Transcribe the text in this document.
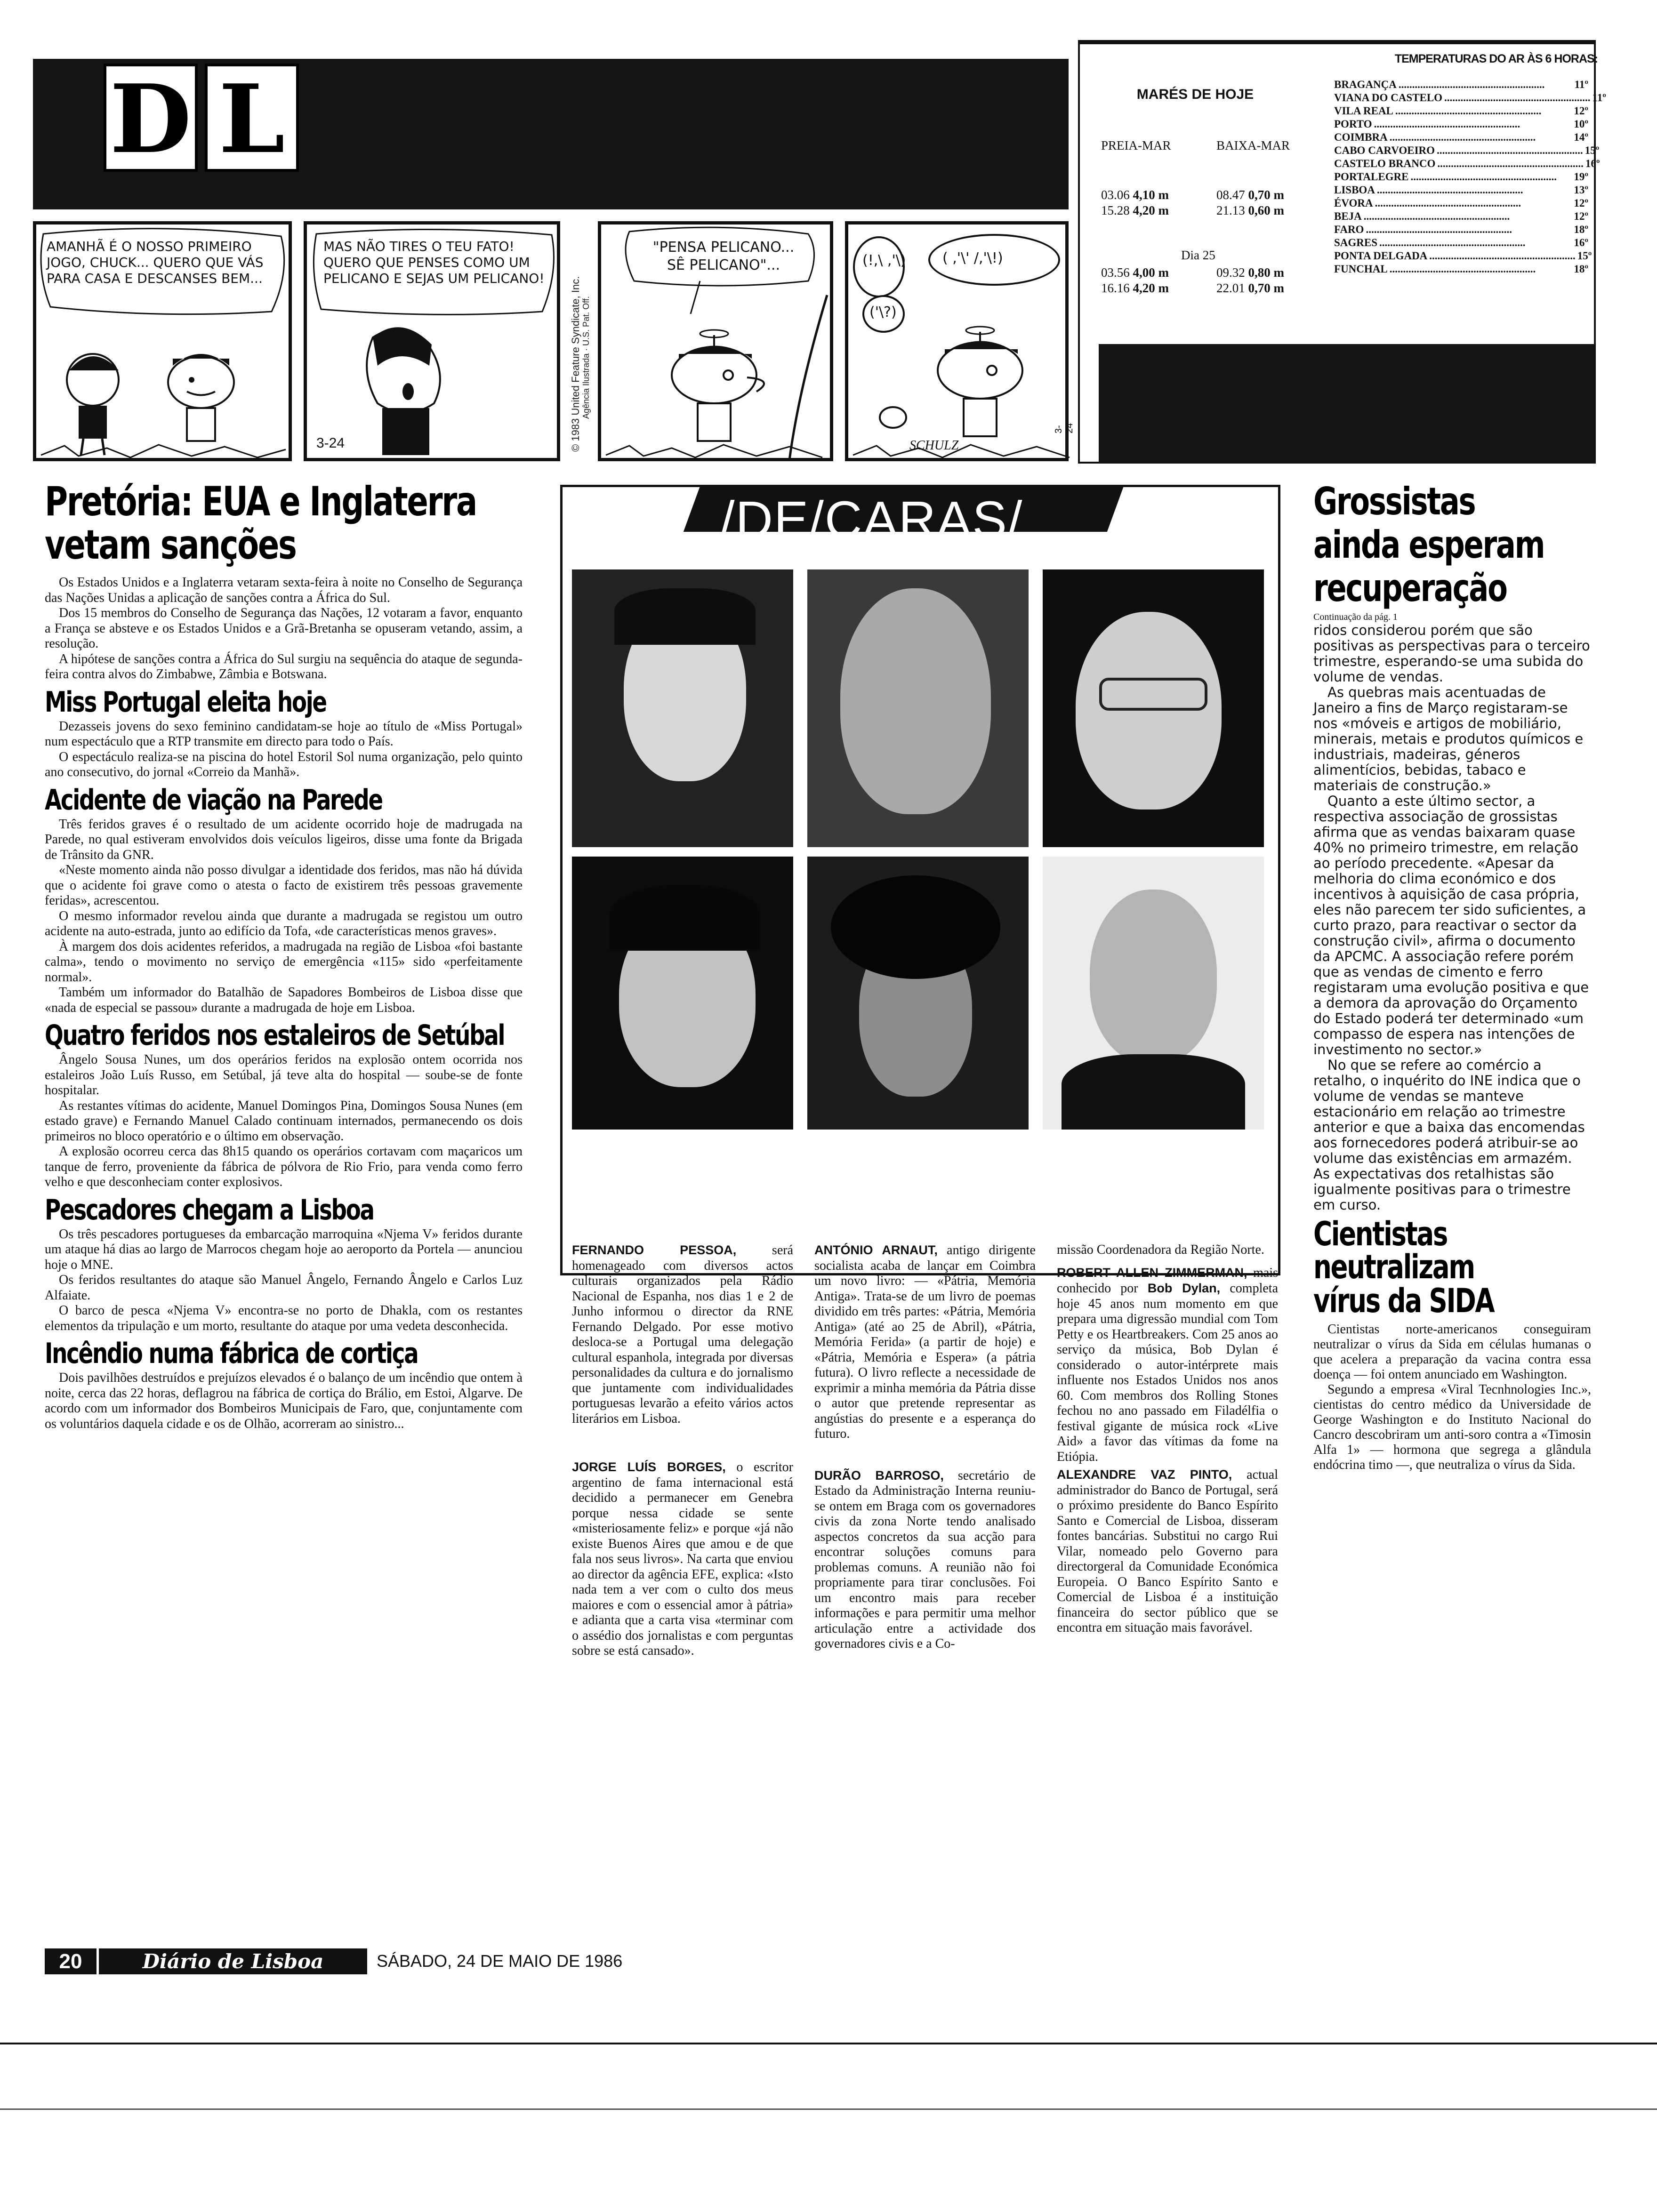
D L
AMANHÃ É O NOSSO PRIMEIRO JOGO, CHUCK... QUERO QUE VÁS PARA CASA E DESCANSES BEM...
MAS NÃO TIRES O TEU FATO! QUERO QUE PENSES COMO UM PELICANO E SEJAS UM PELICANO!
3-24	© 1983 United Feature Syndicate, Inc. Agência Ilustrada · U.S. Pat. Off.
"PENSA PELICANO... SÊ PELICANO"...	(!,\ ,'\)
('\?)
( ,'\' /,'\!)
SCHULZ
3-24
TEMPERATURAS DO AR ÀS 6 HORAS:
MARÉS DE HOJE
PREIA-MAR	BAIXA-MAR
03.06 4,10 m	08.47 0,70 m
15.28 4,20 m	21.13 0,60 m
Dia 25
03.56 4,00 m	09.32 0,80 m
16.16 4,20 m	22.01 0,70 m
BRAGANÇA ......................................................	11º
VIANA DO CASTELO ...................................................... 11º
VILA REAL ......................................................	12º
PORTO ......................................................	10º
COIMBRA ......................................................	14º
CABO CARVOEIRO ...................................................... 15º
CASTELO BRANCO ...................................................... 16º
PORTALEGRE ......................................................	19º
LISBOA ......................................................	13º
ÉVORA ......................................................	12º
BEJA ......................................................	12º
FARO ......................................................	18º
SAGRES ......................................................	16º
PONTA DELGADA ...................................................... 15º
FUNCHAL ......................................................	18º
Pretória: EUA e Inglaterra
vetam sanções

Os Estados Unidos e a Inglaterra vetaram sexta-feira à noite no Conselho de Segurança das Nações Unidas a aplicação de sanções contra a África do Sul.

Dos 15 membros do Conselho de Segurança das Nações, 12 votaram a favor, enquanto a França se absteve e os Estados Unidos e a Grã-Bretanha se opuseram vetando, assim, a resolução.

A hipótese de sanções contra a África do Sul surgiu na sequência do ataque de segunda-feira contra alvos do Zimbabwe, Zâmbia e Botswana.

Miss Portugal eleita hoje

Dezasseis jovens do sexo feminino candidatam-se hoje ao título de «Miss Portugal» num espectáculo que a RTP transmite em directo para todo o País.

O espectáculo realiza-se na piscina do hotel Estoril Sol numa organização, pelo quinto ano consecutivo, do jornal «Correio da Manhã».

Acidente de viação na Parede

Três feridos graves é o resultado de um acidente ocorrido hoje de madrugada na Parede, no qual estiveram envolvidos dois veículos ligeiros, disse uma fonte da Brigada de Trânsito da GNR.

«Neste momento ainda não posso divulgar a identidade dos feridos, mas não há dúvida que o acidente foi grave como o atesta o facto de existirem três pessoas gravemente feridas», acrescentou.

O mesmo informador revelou ainda que durante a madrugada se registou um outro acidente na auto-estrada, junto ao edifício da Tofa, «de características menos graves».

À margem dos dois acidentes referidos, a madrugada na região de Lisboa «foi bastante calma», tendo o movimento no serviço de emergência «115» sido «perfeitamente normal».

Também um informador do Batalhão de Sapadores Bombeiros de Lisboa disse que «nada de especial se passou» durante a madrugada de hoje em Lisboa.

Quatro feridos nos estaleiros de Setúbal

Ângelo Sousa Nunes, um dos operários feridos na explosão ontem ocorrida nos estaleiros João Luís Russo, em Setúbal, já teve alta do hospital — soube-se de fonte hospitalar.

As restantes vítimas do acidente, Manuel Domingos Pina, Domingos Sousa Nunes (em estado grave) e Fernando Manuel Calado continuam internados, permanecendo os dois primeiros no bloco operatório e o último em observação.

A explosão ocorreu cerca das 8h15 quando os operários cortavam com maçaricos um tanque de ferro, proveniente da fábrica de pólvora de Rio Frio, para venda como ferro velho e que desconheciam conter explosivos.

Pescadores chegam a Lisboa

Os três pescadores portugueses da embarcação marroquina «Njema V» feridos durante um ataque há dias ao largo de Marrocos chegam hoje ao aeroporto da Portela — anunciou hoje o MNE.

Os feridos resultantes do ataque são Manuel Ângelo, Fernando Ângelo e Carlos Luz Alfaiate.

O barco de pesca «Njema V» encontra-se no porto de Dhakla, com os restantes elementos da tripulação e um morto, resultante do ataque por uma vedeta desconhecida.

Incêndio numa fábrica de cortiça

Dois pavilhões destruídos e prejuízos elevados é o balanço de um incêndio que ontem à noite, cerca das 22 horas, deflagrou na fábrica de cortiça do Brálio, em Estoi, Algarve. De acordo com um informador dos Bombeiros Municipais de Faro, que, conjuntamente com os voluntários daquela cidade e os de Olhão, acorreram ao sinistro...

/DE/CARAS/

FERNANDO PESSOA, será homenageado com diversos actos culturais organizados pela Rádio Nacional de Espanha, nos dias 1 e 2 de Junho informou o director da RNE Fernando Delgado. Por esse motivo desloca-se a Portugal uma delegação cultural espanhola, integrada por diversas personalidades da cultura e do jornalismo que juntamente com individualidades portuguesas levarão a efeito vários actos literários em Lisboa.

JORGE LUÍS BORGES, o escritor argentino de fama internacional está decidido a permanecer em Genebra porque nessa cidade se sente «misteriosamente feliz» e porque «já não existe Buenos Aires que amou e de que fala nos seus livros». Na carta que enviou ao director da agência EFE, explica: «Isto nada tem a ver com o culto dos meus maiores e com o essencial amor à pátria» e adianta que a carta visa «terminar com o assédio dos jornalistas e com perguntas sobre se está cansado».

ANTÓNIO ARNAUT, antigo dirigente socialista acaba de lançar em Coimbra um novo livro: — «Pátria, Memória Antiga». Trata-se de um livro de poemas dividido em três partes: «Pátria, Memória Antiga» (até ao 25 de Abril), «Pátria, Memória Ferida» (a partir de hoje) e «Pátria, Memória e Espera» (a pátria futura). O livro reflecte a necessidade de exprimir a minha memória da Pátria disse o autor que pretende representar as angústias do presente e a esperança do futuro.

DURÃO BARROSO, secretário de Estado da Administração Interna reuniu-se ontem em Braga com os governadores civis da zona Norte tendo analisado aspectos concretos da sua acção para encontrar soluções comuns para problemas comuns. A reunião não foi propriamente para tirar conclusões. Foi um encontro mais para receber informações e para permitir uma melhor articulação entre a actividade dos governadores civis e a Co-

missão Coordenadora da Região Norte.

ROBERT ALLEN ZIMMERMAN, mais conhecido por Bob Dylan, completa hoje 45 anos num momento em que prepara uma digressão mundial com Tom Petty e os Heartbreakers. Com 25 anos ao serviço da música, Bob Dylan é considerado o autor-intérprete mais influente nos Estados Unidos nos anos 60. Com membros dos Rolling Stones fechou no ano passado em Filadélfia o festival gigante de música rock «Live Aid» a favor das vítimas da fome na Etiópia.

ALEXANDRE VAZ PINTO, actual administrador do Banco de Portugal, será o próximo presidente do Banco Espírito Santo e Comercial de Lisboa, disseram fontes bancárias. Substitui no cargo Rui Vilar, nomeado pelo Governo para directorgeral da Comunidade Económica Europeia. O Banco Espírito Santo e Comercial de Lisboa é a instituição financeira do sector público que se encontra em situação mais favorável.

Grossistas
ainda esperam
recuperação
Continuação da pág. 1

ridos considerou porém que são positivas as perspectivas para o terceiro trimestre, esperando-se uma subida do volume de vendas.

As quebras mais acentuadas de Janeiro a fins de Março registaram-se nos «móveis e artigos de mobiliário, minerais, metais e produtos químicos e industriais, madeiras, géneros alimentícios, bebidas, tabaco e materiais de construção.»

Quanto a este último sector, a respectiva associação de grossistas afirma que as vendas baixaram quase 40% no primeiro trimestre, em relação ao período precedente. «Apesar da melhoria do clima económico e dos incentivos à aquisição de casa própria, eles não parecem ter sido suficientes, a curto prazo, para reactivar o sector da construção civil», afirma o documento da APCMC. A associação refere porém que as vendas de cimento e ferro registaram uma evolução positiva e que a demora da aprovação do Orçamento do Estado poderá ter determinado «um compasso de espera nas intenções de investimento no sector.»

No que se refere ao comércio a retalho, o inquérito do INE indica que o volume de vendas se manteve estacionário em relação ao trimestre anterior e que a baixa das encomendas aos fornecedores poderá atribuir-se ao volume das existências em armazém. As expectativas dos retalhistas são igualmente positivas para o trimestre em curso.

Cientistas
neutralizam
vírus da SIDA

Cientistas norte-americanos conseguiram neutralizar o vírus da Sida em células humanas o que acelera a preparação da vacina contra essa doença — foi ontem anunciado em Washington.

Segundo a empresa «Viral Tecnhnologies Inc.», cientistas do centro médico da Universidade de George Washington e do Instituto Nacional do Cancro descobriram um anti-soro contra a «Timosin Alfa 1» — hormona que segrega a glândula endócrina timo —, que neutraliza o vírus da Sida.

20	Diário de Lisboa	SÁBADO, 24 DE MAIO DE 1986
